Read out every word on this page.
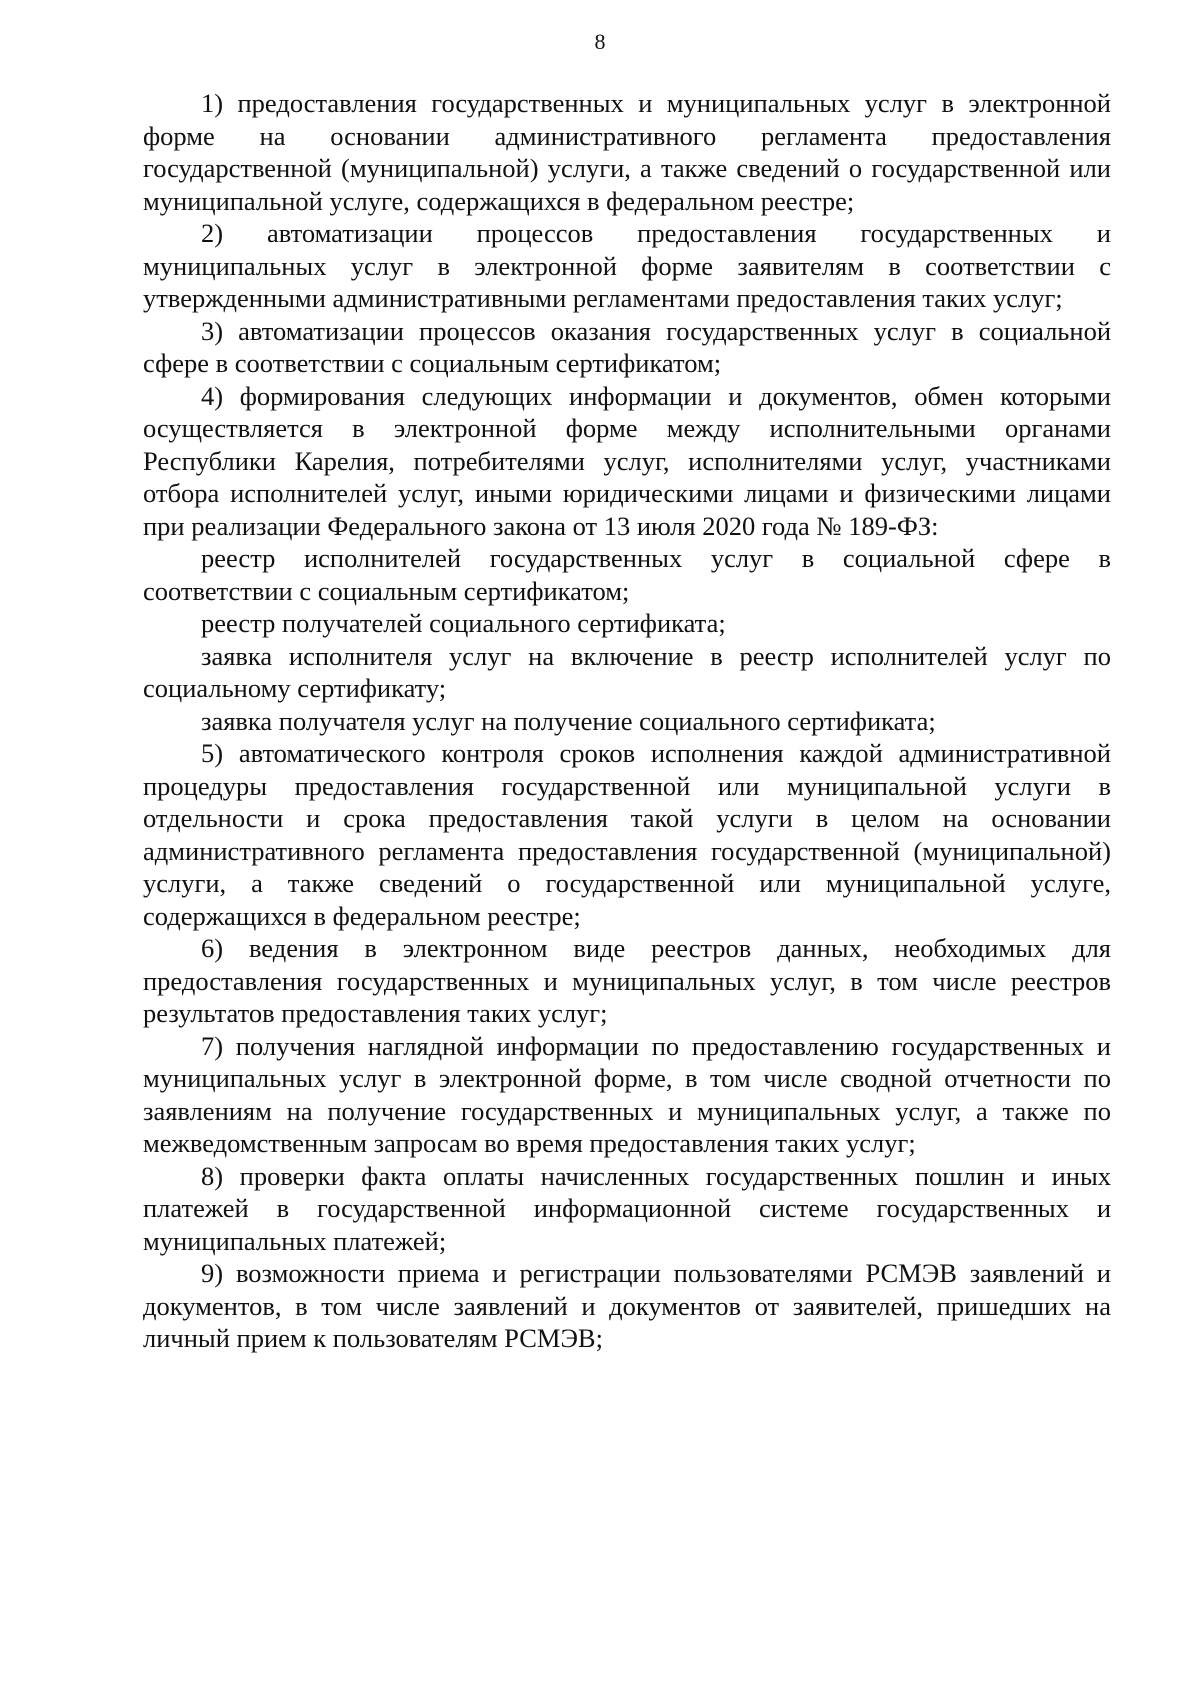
8

1) предоставления государственных и муниципальных услуг в электронной форме на основании административного регламента предоставления государственной (муниципальной) услуги, а также сведений о государственной или муниципальной услуге, содержащихся в федеральном реестре;

2) автоматизации процессов предоставления государственных и муниципальных услуг в электронной форме заявителям в соответствии с утвержденными административными регламентами предоставления таких услуг;

3) автоматизации процессов оказания государственных услуг в социальной сфере в соответствии с социальным сертификатом;

4) формирования следующих информации и документов, обмен которыми осуществляется в электронной форме между исполнительными органами Республики Карелия, потребителями услуг, исполнителями услуг, участниками отбора исполнителей услуг, иными юридическими лицами и физическими лицами при реализации Федерального закона от 13 июля 2020 года № 189-ФЗ:

реестр исполнителей государственных услуг в социальной сфере в соответствии с социальным сертификатом;

реестр получателей социального сертификата;

заявка исполнителя услуг на включение в реестр исполнителей услуг по социальному сертификату;

заявка получателя услуг на получение социального сертификата;

5) автоматического контроля сроков исполнения каждой административной процедуры предоставления государственной или муниципальной услуги в отдельности и срока предоставления такой услуги в целом на основании административного регламента предоставления государственной (муниципальной) услуги, а также сведений о государственной или муниципальной услуге, содержащихся в федеральном реестре;

6) ведения в электронном виде реестров данных, необходимых для предоставления государственных и муниципальных услуг, в том числе реестров результатов предоставления таких услуг;

7) получения наглядной информации по предоставлению государственных и муниципальных услуг в электронной форме, в том числе сводной отчетности по заявлениям на получение государственных и муниципальных услуг, а также по межведомственным запросам во время предоставления таких услуг;

8) проверки факта оплаты начисленных государственных пошлин и иных платежей в государственной информационной системе государственных и муниципальных платежей;

9) возможности приема и регистрации пользователями РСМЭВ заявлений и документов, в том числе заявлений и документов от заявителей, пришедших на личный прием к пользователям РСМЭВ;
